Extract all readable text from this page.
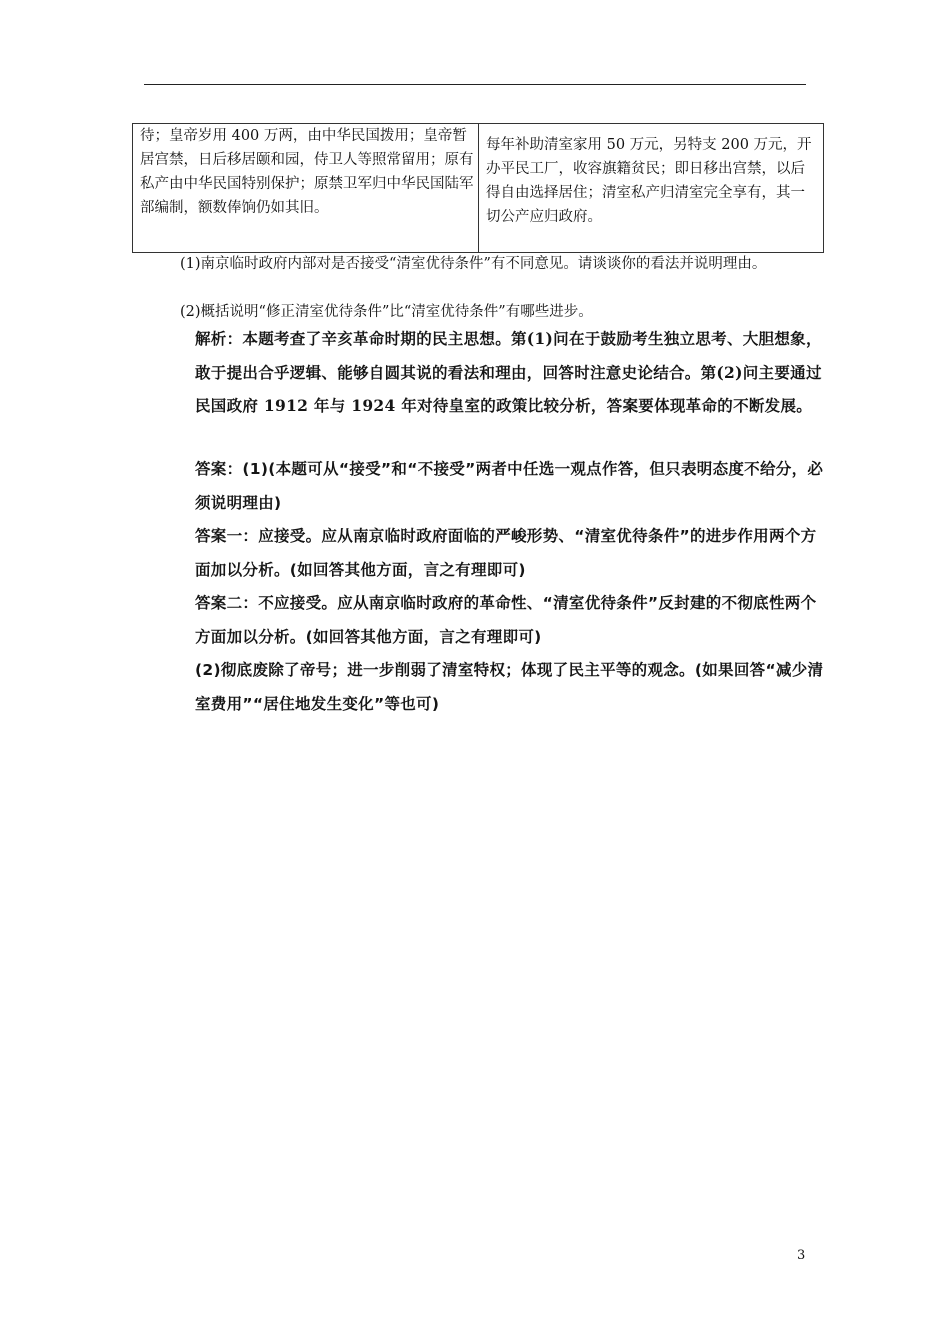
待；皇帝岁用 400 万两，由中华民国拨用；皇帝暂居宫禁，日后移居颐和园，侍卫人等照常留用；原有私产由中华民国特别保护；原禁卫军归中华民国陆军部编制，额数俸饷仍如其旧。	每年补助清室家用 50 万元，另特支 200 万元，开办平民工厂，收容旗籍贫民；即日移出宫禁，以后得自由选择居住；清室私产归清室完全享有，其一切公产应归政府。
(1)南京临时政府内部对是否接受“清室优待条件”有不同意见。请谈谈你的看法并说明理由。
(2)概括说明“修正清室优待条件”比“清室优待条件”有哪些进步。

解析：本题考查了辛亥革命时期的民主思想。第(1)问在于鼓励考生独立思考、大胆想象，敢于提出合乎逻辑、能够自圆其说的看法和理由，回答时注意史论结合。第(2)问主要通过民国政府 1912 年与 1924 年对待皇室的政策比较分析，答案要体现革命的不断发展。

答案：(1)(本题可从“接受”和“不接受”两者中任选一观点作答，但只表明态度不给分，必须说明理由)

答案一：应接受。应从南京临时政府面临的严峻形势、“清室优待条件”的进步作用两个方面加以分析。(如回答其他方面，言之有理即可)

答案二：不应接受。应从南京临时政府的革命性、“清室优待条件”反封建的不彻底性两个方面加以分析。(如回答其他方面，言之有理即可)

(2)彻底废除了帝号；进一步削弱了清室特权；体现了民主平等的观念。(如果回答“减少清室费用”“居住地发生变化”等也可)

3
